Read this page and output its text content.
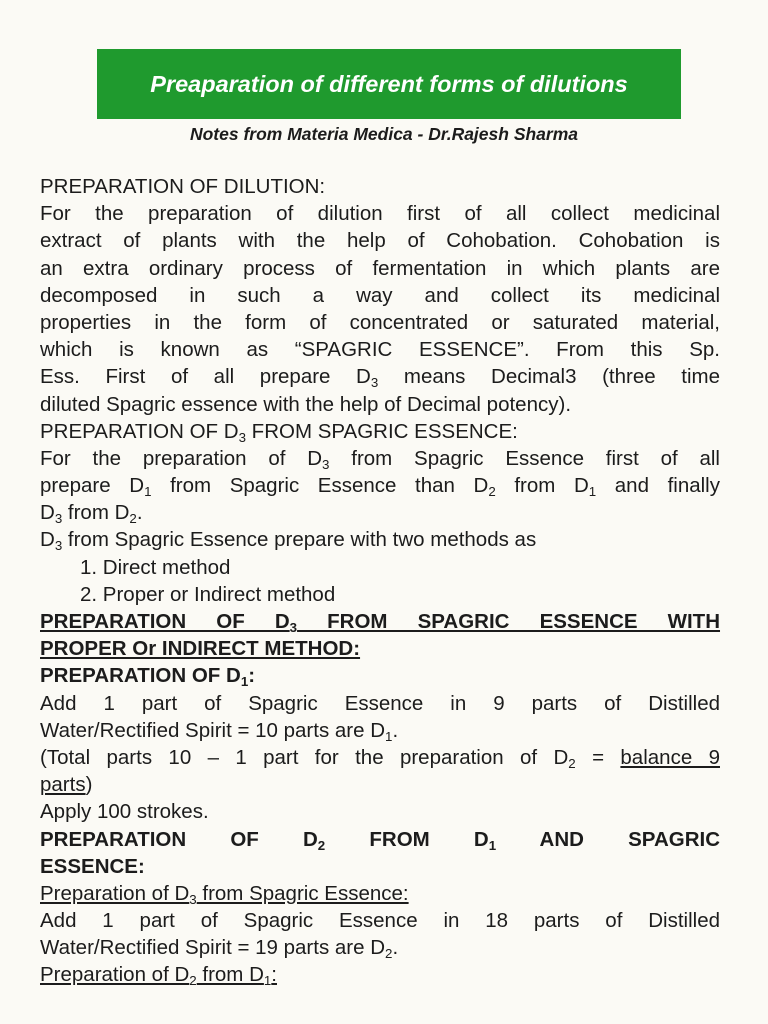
Preaparation of different forms of dilutions
Notes from Materia Medica - Dr.Rajesh Sharma
PREPARATION OF DILUTION:
For the preparation of dilution first of all collect medicinal
extract of plants with the help of Cohobation. Cohobation is
an extra ordinary process of fermentation in which plants are
decomposed in such a way and collect its medicinal
properties in the form of concentrated or saturated material,
which is known as “SPAGRIC ESSENCE”. From this Sp.
Ess. First of all prepare $D_3$ means Decimal3 (three time
diluted Spagric essence with the help of Decimal potency).
PREPARATION OF $D_3$ FROM SPAGRIC ESSENCE:
For the preparation of $D_3$ from Spagric Essence first of all
prepare $D_1$ from Spagric Essence than $D_2$ from $D_1$ and finally
$D_3$ from $D_2$.
$D_3$ from Spagric Essence prepare with two methods as
1. Direct method
2. Proper or Indirect method
PREPARATION OF $D_3$ FROM SPAGRIC ESSENCE WITH
PROPER Or INDIRECT METHOD:
PREPARATION OF $D_1$:
Add 1 part of Spagric Essence in 9 parts of Distilled
Water/Rectified Spirit = 10 parts are $D_1$.
(Total parts 10 – 1 part for the preparation of $D_2$ = balance 9
parts)
Apply 100 strokes.
PREPARATION OF $D_2$ FROM $D_1$ AND SPAGRIC
ESSENCE:
Preparation of $D_3$ from Spagric Essence:
Add 1 part of Spagric Essence in 18 parts of Distilled
Water/Rectified Spirit = 19 parts are $D_2$.
Preparation of $D_2$ from $D_1$:
